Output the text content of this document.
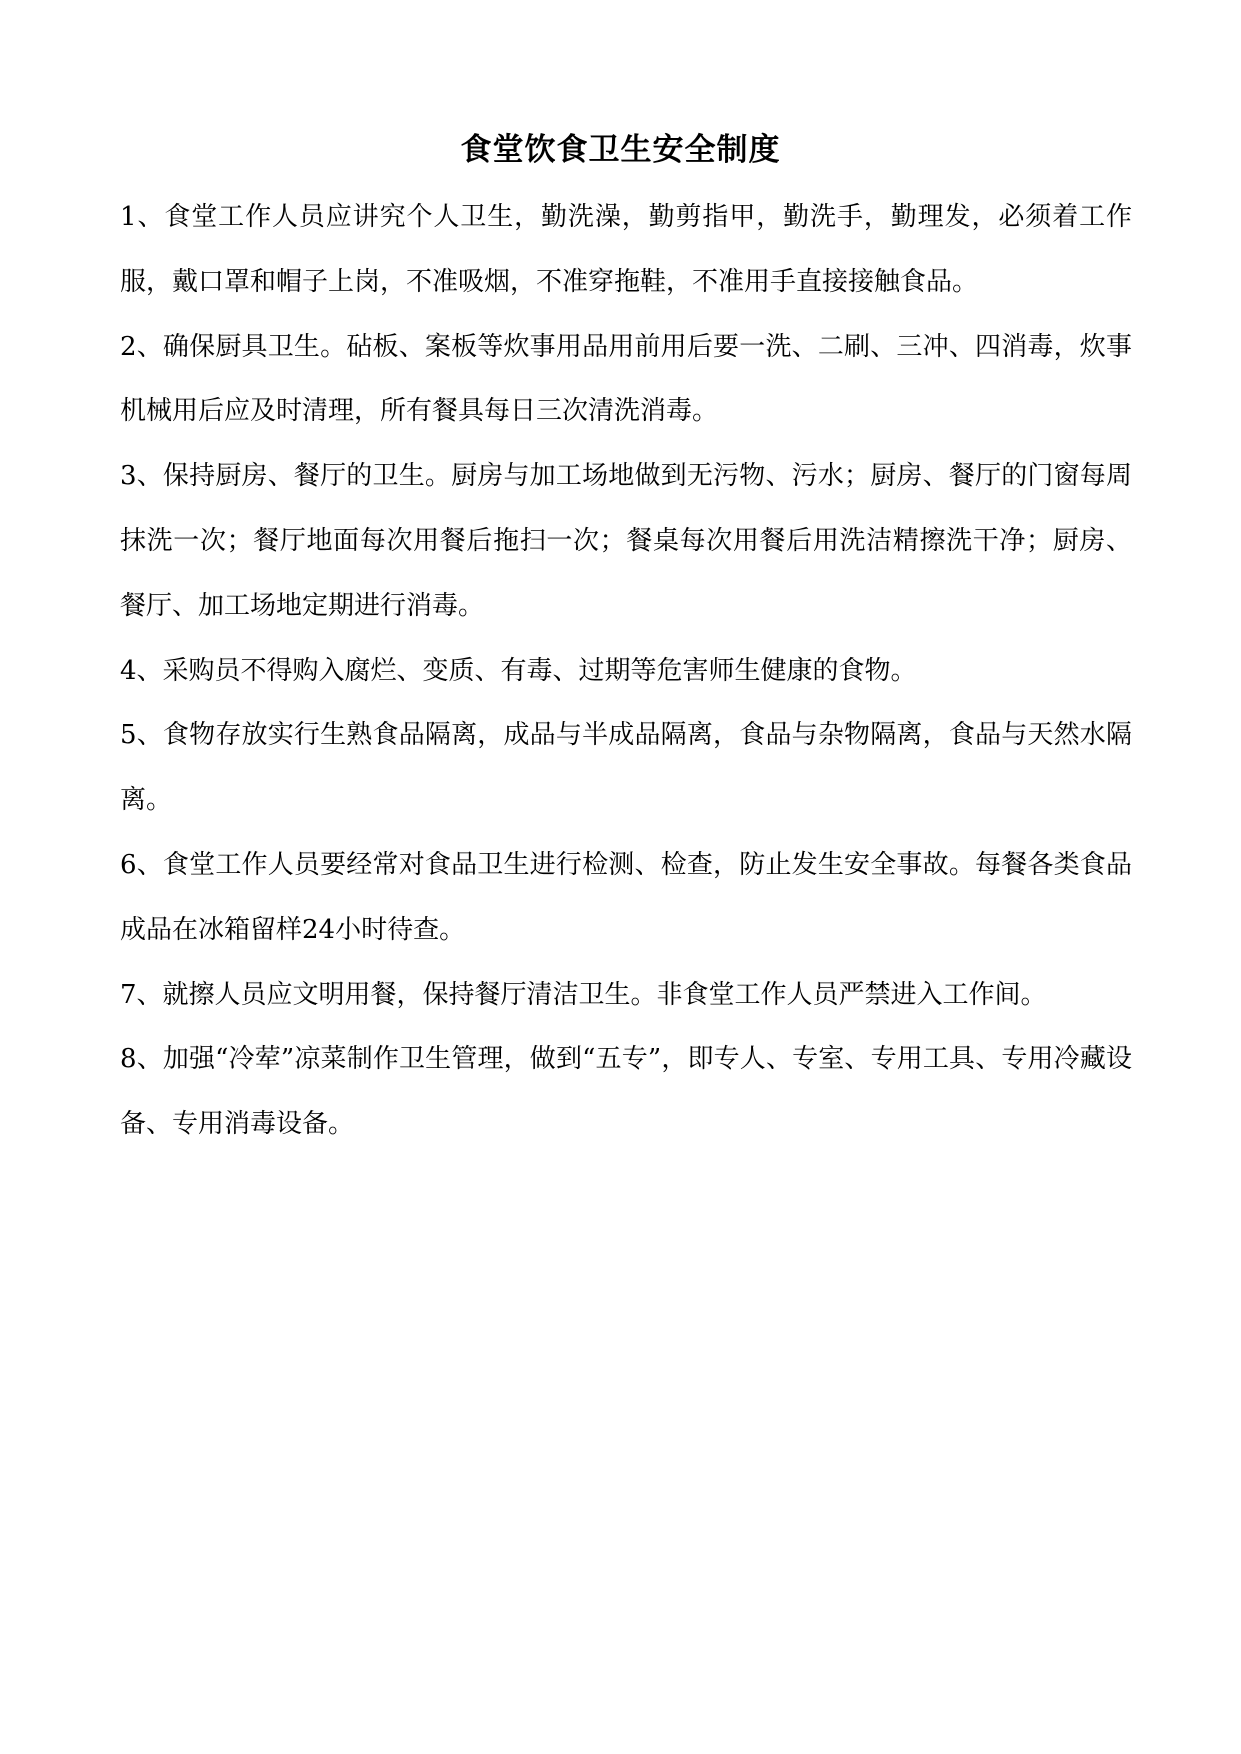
食堂饮食卫生安全制度

1、食堂工作人员应讲究个人卫生，勤洗澡，勤剪指甲，勤洗手，勤理发，必须着工作服，戴口罩和帽子上岗，不准吸烟，不准穿拖鞋，不准用手直接接触食品。

2、确保厨具卫生。砧板、案板等炊事用品用前用后要一洗、二刷、三冲、四消毒，炊事机械用后应及时清理，所有餐具每日三次清洗消毒。

3、保持厨房、餐厅的卫生。厨房与加工场地做到无污物、污水；厨房、餐厅的门窗每周抹洗一次；餐厅地面每次用餐后拖扫一次；餐桌每次用餐后用洗洁精擦洗干净；厨房、餐厅、加工场地定期进行消毒。

4、采购员不得购入腐烂、变质、有毒、过期等危害师生健康的食物。

5、食物存放实行生熟食品隔离，成品与半成品隔离，食品与杂物隔离，食品与天然水隔离。

6、食堂工作人员要经常对食品卫生进行检测、检查，防止发生安全事故。每餐各类食品成品在冰箱留样24小时待查。

7、就擦人员应文明用餐，保持餐厅清洁卫生。非食堂工作人员严禁进入工作间。

8、加强“冷荤”凉菜制作卫生管理，做到“五专”，即专人、专室、专用工具、专用冷藏设备、专用消毒设备。
